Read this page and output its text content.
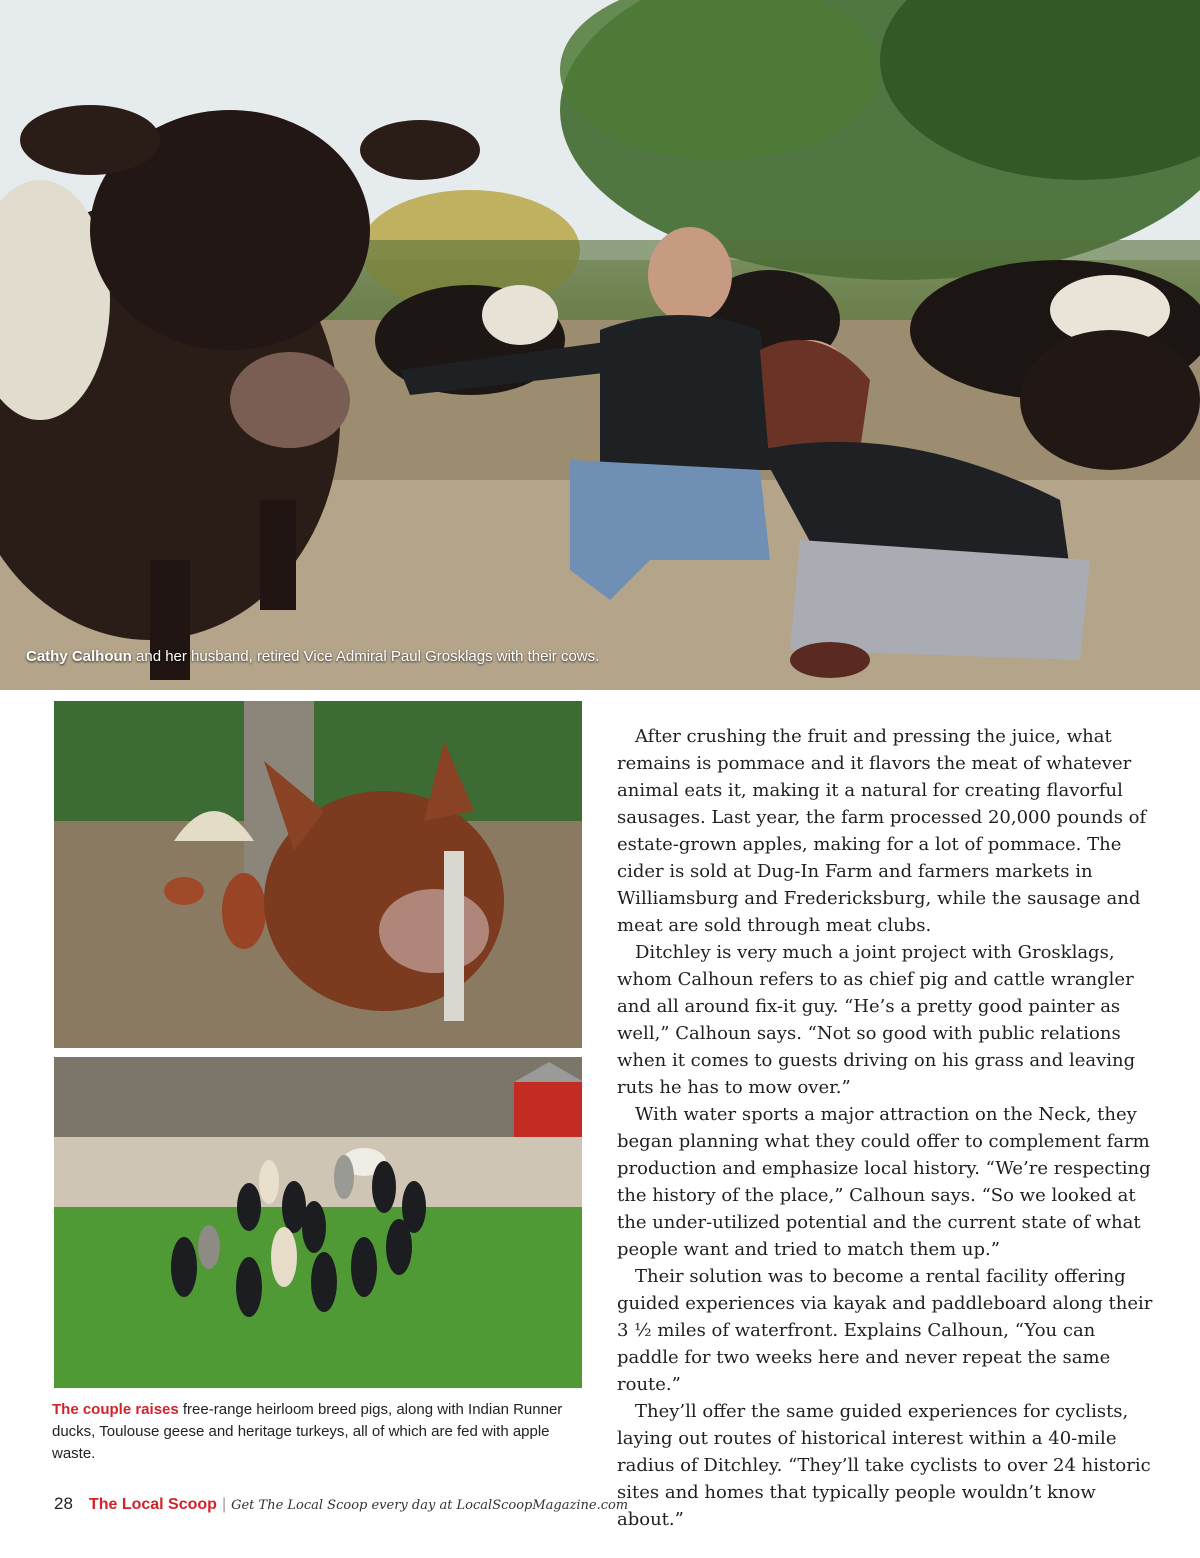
Cathy Calhoun and her husband, retired Vice Admiral Paul Grosklags with their cows.
The couple raises free-range heirloom breed pigs, along with Indian Runner ducks, Toulouse geese and heritage turkeys, all of which are fed with apple waste.

After crushing the fruit and pressing the juice, what remains is pommace and it flavors the meat of whatever animal eats it, making it a natural for creating flavorful sausages. Last year, the farm processed 20,000 pounds of estate-grown apples, making for a lot of pommace. The cider is sold at Dug-In Farm and farmers markets in Williamsburg and Fredericksburg, while the sausage and meat are sold through meat clubs.

Ditchley is very much a joint project with Grosklags, whom Calhoun refers to as chief pig and cattle wrangler and all around fix-it guy. “He’s a pretty good painter as well,” Calhoun says. “Not so good with public relations when it comes to guests driving on his grass and leaving ruts he has to mow over.”

With water sports a major attraction on the Neck, they began planning what they could offer to complement farm production and emphasize local history. “We’re respecting the history of the place,” Calhoun says. “So we looked at the under-utilized potential and the current state of what people want and tried to match them up.”

Their solution was to become a rental facility offering guided experiences via kayak and paddleboard along their 3 ½ miles of waterfront. Explains Calhoun, “You can paddle for two weeks here and never repeat the same route.”

They’ll offer the same guided experiences for cyclists, laying out routes of historical interest within a 40-mile radius of Ditchley. “They’ll take cyclists to over 24 historic sites and homes that typically people wouldn’t know about.”

28 The Local Scoop | Get The Local Scoop every day at LocalScoopMagazine.com
